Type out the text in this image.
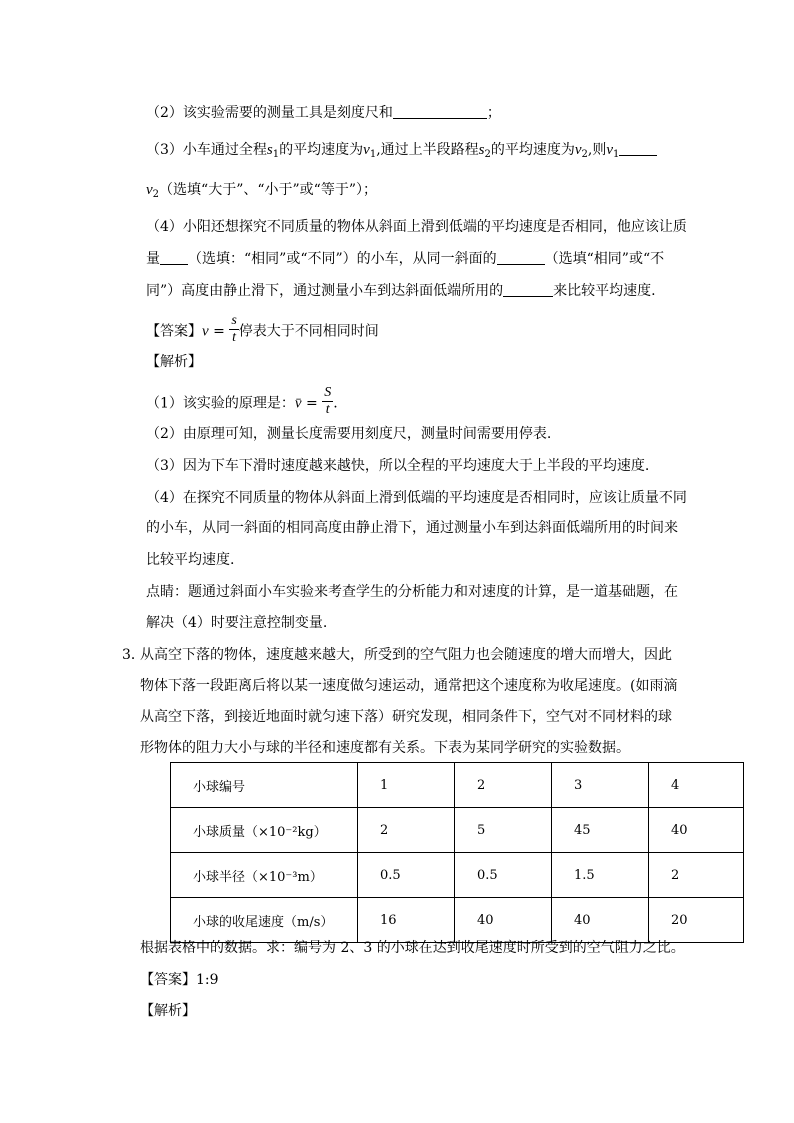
（2）该实验需要的测量工具是刻度尺和	；
（3）小车通过全程$s_1$的平均速度为$v_1$,通过上半段路程$s_2$的平均速度为$v_2$,则$v_1$
$v_2$（选填“大于”、“小于”或“等于”）；
（4）小阳还想探究不同质量的物体从斜面上滑到低端的平均速度是否相同，他应该让质
量 （选填：“相同”或“不同”）的小车，从同一斜面的	（选填“相同”或“不
同”）高度由静止滑下，通过测量小车到达斜面低端所用的	来比较平均速度.
【答案】$v = \frac{s}{t}$ 停表大于不同相同时间
【解析】
（1）该实验的原理是：v̄ = $\frac{S}{t}$ .
（2）由原理可知，测量长度需要用刻度尺，测量时间需要用停表.
（3）因为下车下滑时速度越来越快，所以全程的平均速度大于上半段的平均速度.
（4）在探究不同质量的物体从斜面上滑到低端的平均速度是否相同时，应该让质量不同
的小车，从同一斜面的相同高度由静止滑下，通过测量小车到达斜面低端所用的时间来
比较平均速度.
点睛：题通过斜面小车实验来考查学生的分析能力和对速度的计算，是一道基础题，在
解决（4）时要注意控制变量.
3．
从高空下落的物体，速度越来越大，所受到的空气阻力也会随速度的增大而增大，因此
物体下落一段距离后将以某一速度做匀速运动，通常把这个速度称为收尾速度。(如雨滴
从高空下落，到接近地面时就匀速下落）研究发现，相同条件下，空气对不同材料的球
形物体的阻力大小与球的半径和速度都有关系。下表为某同学研究的实验数据。
小球编号	1	2	3	4
小球质量（×10⁻²kg）	2	5	45	40
小球半径（×10⁻³m）	0.5	0.5	1.5	2
小球的收尾速度（m/s）	16	40	40	20
根据表格中的数据。求：编号为 2、3 的小球在达到收尾速度时所受到的空气阻力之比。
【答案】1:9
【解析】
